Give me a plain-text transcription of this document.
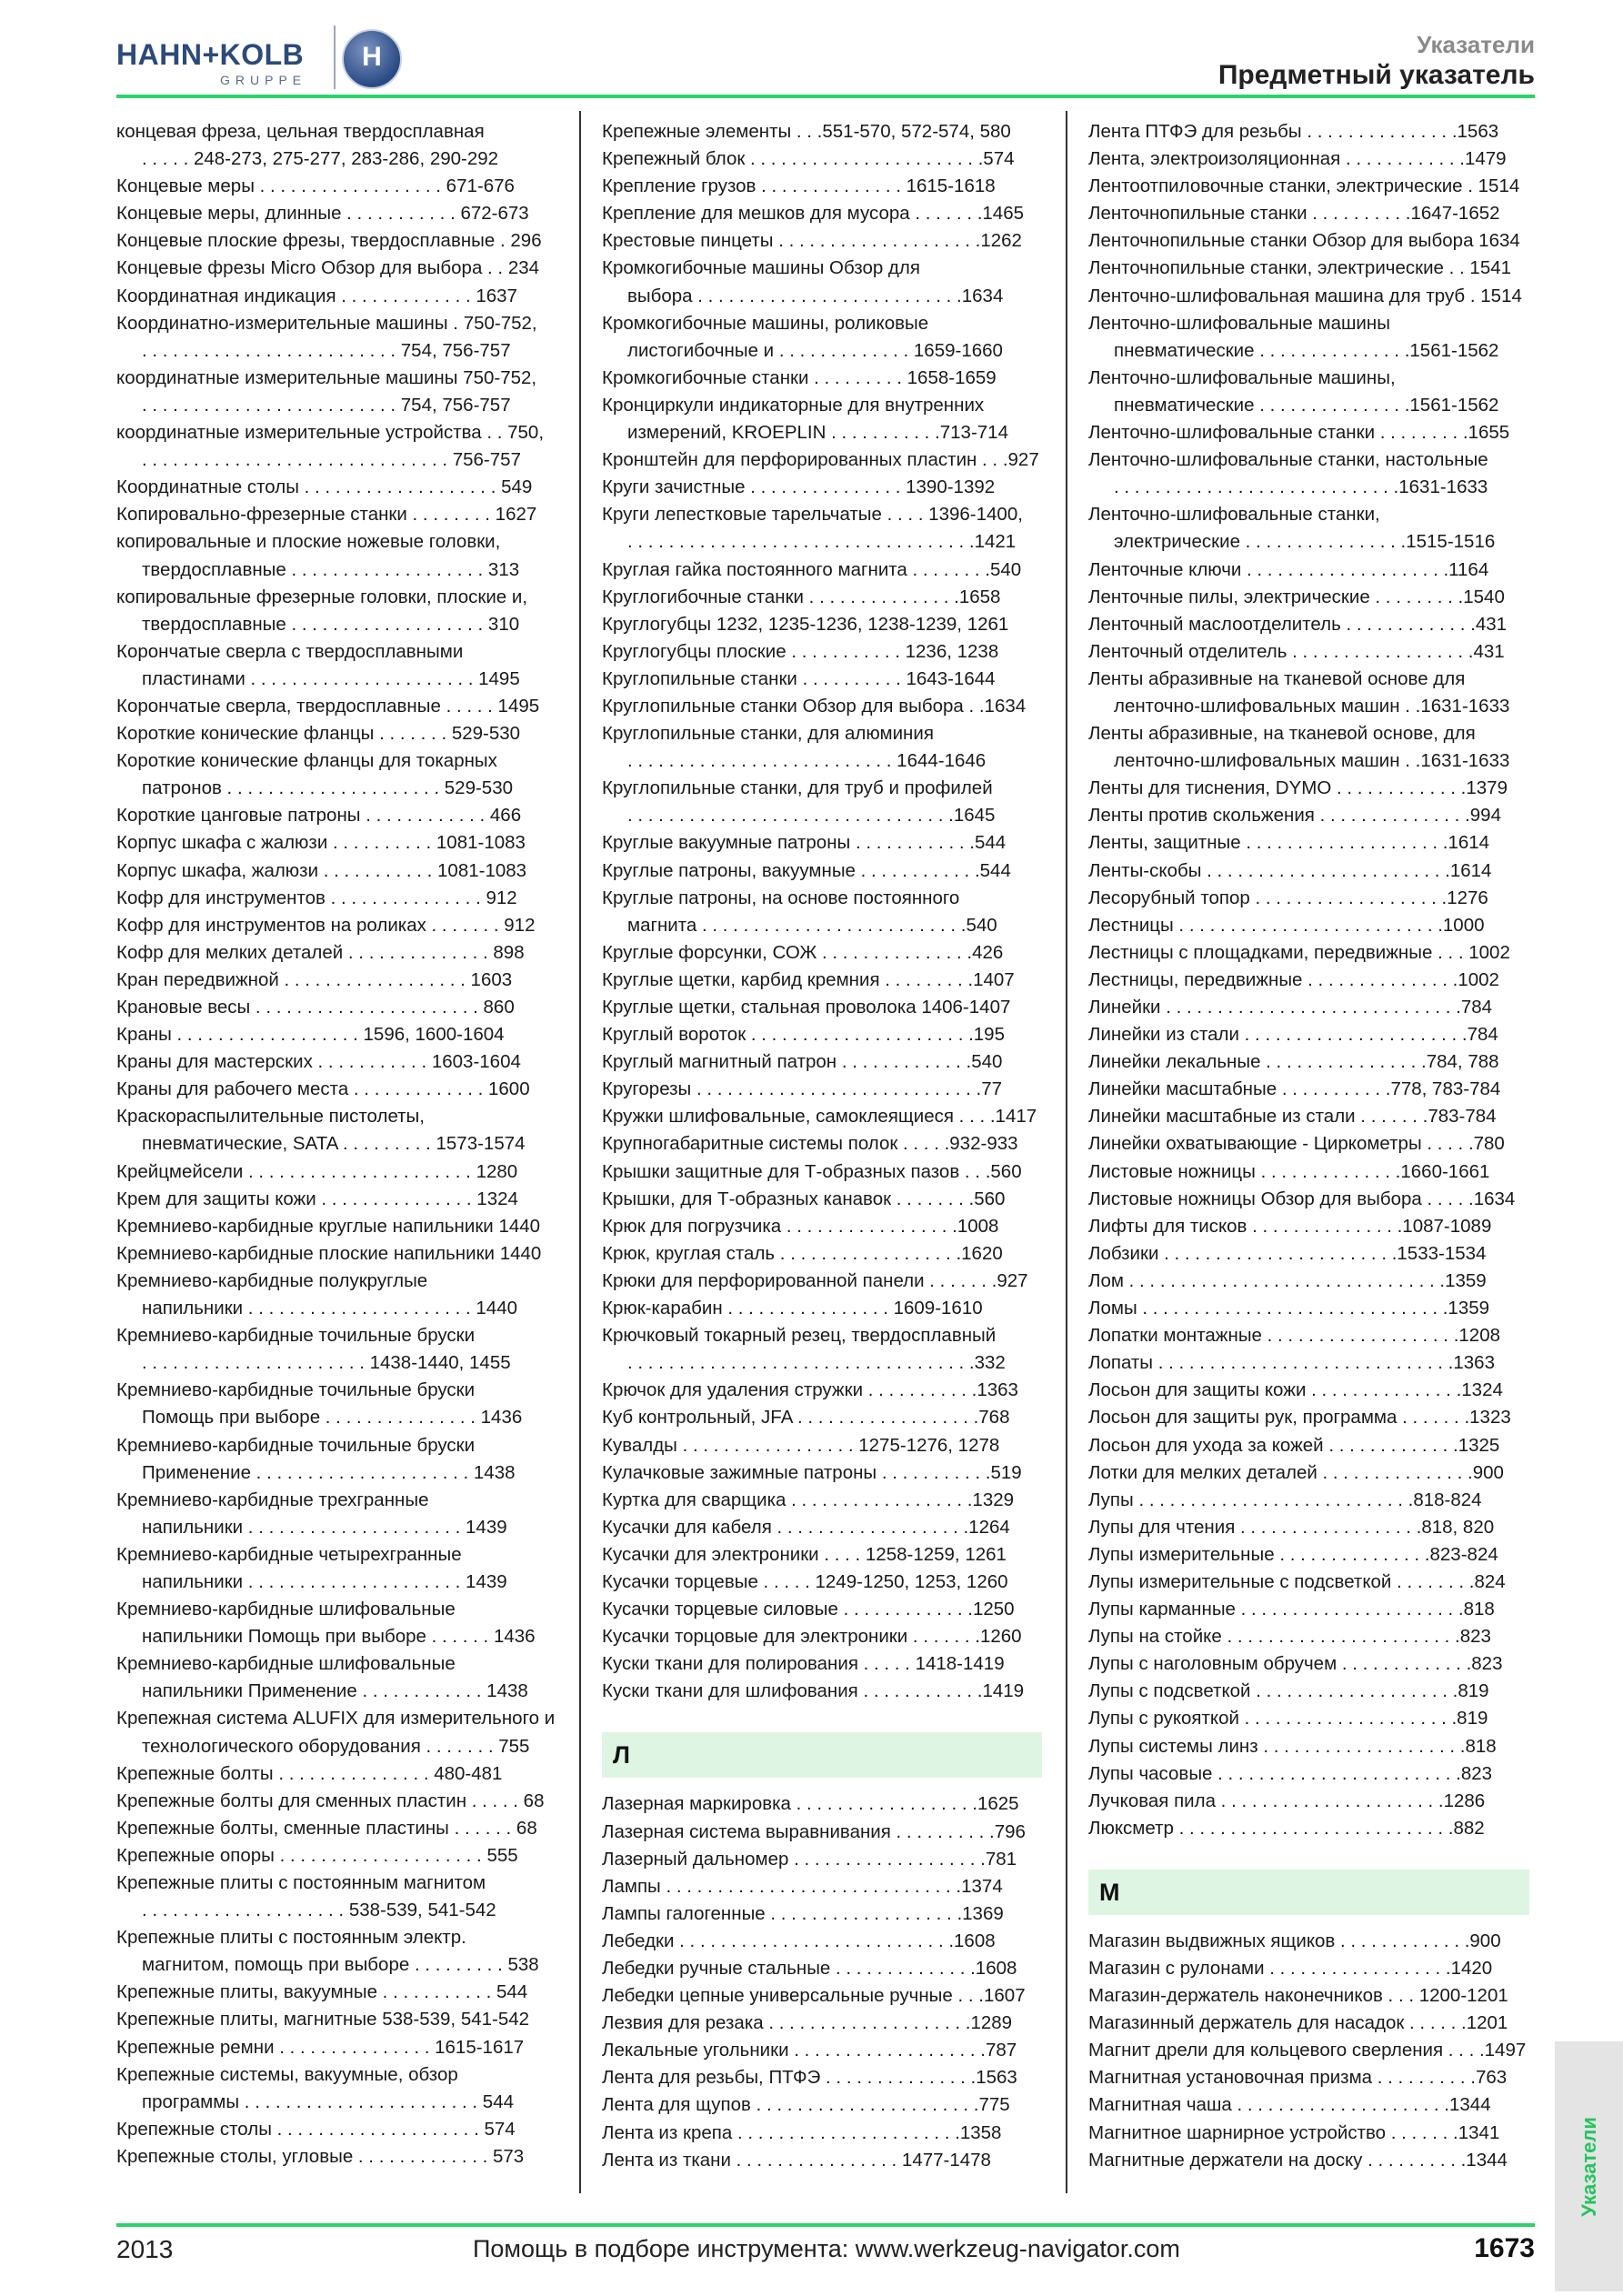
HAHN+KOLB
GRUPPE
H	Указатели
Предметный указатель
концевая фреза, цельная твердосплавная
. . . . . 248-273, 275-277, 283-286, 290-292
Концевые меры . . . . . . . . . . . . . . . . . . 671-676
Концевые меры, длинные . . . . . . . . . . . 672-673
Концевые плоские фрезы, твердосплавные . 296
Концевые фрезы Micro Обзор для выбора . . 234
Координатная индикация . . . . . . . . . . . . . 1637
Координатно-измерительные машины . 750-752,
. . . . . . . . . . . . . . . . . . . . . . . . . 754, 756-757
координатные измерительные машины 750-752,
. . . . . . . . . . . . . . . . . . . . . . . . . 754, 756-757
координатные измерительные устройства . . 750,
. . . . . . . . . . . . . . . . . . . . . . . . . . . . . . 756-757
Координатные столы . . . . . . . . . . . . . . . . . . . 549
Копировально-фрезерные станки . . . . . . . . 1627
копировальные и плоские ножевые головки,
твердосплавные . . . . . . . . . . . . . . . . . . . 313
копировальные фрезерные головки, плоские и,
твердосплавные . . . . . . . . . . . . . . . . . . . 310
Корончатые сверла с твердосплавными
пластинами . . . . . . . . . . . . . . . . . . . . . . 1495
Корончатые сверла, твердосплавные . . . . . 1495
Короткие конические фланцы . . . . . . . 529-530
Короткие конические фланцы для токарных
патронов . . . . . . . . . . . . . . . . . . . . . 529-530
Короткие цанговые патроны . . . . . . . . . . . . 466
Корпус шкафа с жалюзи . . . . . . . . . . 1081-1083
Корпус шкафа, жалюзи . . . . . . . . . . . 1081-1083
Кофр для инструментов . . . . . . . . . . . . . . . 912
Кофр для инструментов на роликах . . . . . . . 912
Кофр для мелких деталей . . . . . . . . . . . . . . 898
Кран передвижной . . . . . . . . . . . . . . . . . . 1603
Крановые весы . . . . . . . . . . . . . . . . . . . . . . 860
Краны . . . . . . . . . . . . . . . . . . 1596, 1600-1604
Краны для мастерских . . . . . . . . . . . 1603-1604
Краны для рабочего места . . . . . . . . . . . . . 1600
Краскораспылительные пистолеты,
пневматические, SATA . . . . . . . . . 1573-1574
Крейцмейсели . . . . . . . . . . . . . . . . . . . . . . 1280
Крем для защиты кожи . . . . . . . . . . . . . . . 1324
Кремниево-карбидные круглые напильники 1440
Кремниево-карбидные плоские напильники 1440
Кремниево-карбидные полукруглые
напильники . . . . . . . . . . . . . . . . . . . . . . 1440
Кремниево-карбидные точильные бруски
. . . . . . . . . . . . . . . . . . . . . . 1438-1440, 1455
Кремниево-карбидные точильные бруски
Помощь при выборе . . . . . . . . . . . . . . . 1436
Кремниево-карбидные точильные бруски
Применение . . . . . . . . . . . . . . . . . . . . . 1438
Кремниево-карбидные трехгранные
напильники . . . . . . . . . . . . . . . . . . . . . 1439
Кремниево-карбидные четырехгранные
напильники . . . . . . . . . . . . . . . . . . . . . 1439
Кремниево-карбидные шлифовальные
напильники Помощь при выборе . . . . . . 1436
Кремниево-карбидные шлифовальные
напильники Применение . . . . . . . . . . . . 1438
Крепежная система ALUFIX для измерительного и
технологического оборудования . . . . . . . 755
Крепежные болты . . . . . . . . . . . . . . . 480-481
Крепежные болты для сменных пластин . . . . . 68
Крепежные болты, сменные пластины . . . . . . 68
Крепежные опоры . . . . . . . . . . . . . . . . . . . . 555
Крепежные плиты с постоянным магнитом
. . . . . . . . . . . . . . . . . . . . 538-539, 541-542
Крепежные плиты с постоянным электр.
магнитом, помощь при выборе . . . . . . . . . 538
Крепежные плиты, вакуумные . . . . . . . . . . . 544
Крепежные плиты, магнитные 538-539, 541-542
Крепежные ремни . . . . . . . . . . . . . . . 1615-1617
Крепежные системы, вакуумные, обзор
программы . . . . . . . . . . . . . . . . . . . . . . . 544
Крепежные столы . . . . . . . . . . . . . . . . . . . . 574
Крепежные столы, угловые . . . . . . . . . . . . . 573
Крепежные элементы . . .551-570, 572-574, 580
Крепежный блок . . . . . . . . . . . . . . . . . . . . . . .574
Крепление грузов . . . . . . . . . . . . . . 1615-1618
Крепление для мешков для мусора . . . . . . .1465
Крестовые пинцеты . . . . . . . . . . . . . . . . . . . .1262
Кромкогибочные машины Обзор для
выбора . . . . . . . . . . . . . . . . . . . . . . . . . .1634
Кромкогибочные машины, роликовые
листогибочные и . . . . . . . . . . . . . 1659-1660
Кромкогибочные станки . . . . . . . . . 1658-1659
Кронциркули индикаторные для внутренних
измерений, KROEPLIN . . . . . . . . . . .713-714
Кронштейн для перфорированных пластин . . .927
Круги зачистные . . . . . . . . . . . . . . . 1390-1392
Круги лепестковые тарельчатые . . . . 1396-1400,
. . . . . . . . . . . . . . . . . . . . . . . . . . . . . . . . . .1421
Круглая гайка постоянного магнита . . . . . . . .540
Круглогибочные станки . . . . . . . . . . . . . . .1658
Круглогубцы 1232, 1235-1236, 1238-1239, 1261
Круглогубцы плоские . . . . . . . . . . . 1236, 1238
Круглопильные станки . . . . . . . . . . 1643-1644
Круглопильные станки Обзор для выбора . .1634
Круглопильные станки, для алюминия
. . . . . . . . . . . . . . . . . . . . . . . . . . 1644-1646
Круглопильные станки, для труб и профилей
. . . . . . . . . . . . . . . . . . . . . . . . . . . . . . . .1645
Круглые вакуумные патроны . . . . . . . . . . . .544
Круглые патроны, вакуумные . . . . . . . . . . . .544
Круглые патроны, на основе постоянного
магнита . . . . . . . . . . . . . . . . . . . . . . . . . .540
Круглые форсунки, СОЖ . . . . . . . . . . . . . . .426
Круглые щетки, карбид кремния . . . . . . . . .1407
Круглые щетки, стальная проволока 1406-1407
Круглый вороток . . . . . . . . . . . . . . . . . . . . . .195
Круглый магнитный патрон . . . . . . . . . . . . .540
Кругорезы . . . . . . . . . . . . . . . . . . . . . . . . . . . .77
Кружки шлифовальные, самоклеящиеся . . . .1417
Крупногабаритные системы полок . . . . .932-933
Крышки защитные для Т-образных пазов . . .560
Крышки, для Т-образных канавок . . . . . . . .560
Крюк для погрузчика . . . . . . . . . . . . . . . . .1008
Крюк, круглая сталь . . . . . . . . . . . . . . . . . .1620
Крюки для перфорированной панели . . . . . . .927
Крюк-карабин . . . . . . . . . . . . . . . . 1609-1610
Крючковый токарный резец, твердосплавный
. . . . . . . . . . . . . . . . . . . . . . . . . . . . . . . . . .332
Крючок для удаления стружки . . . . . . . . . . .1363
Куб контрольный, JFA . . . . . . . . . . . . . . . . . .768
Кувалды . . . . . . . . . . . . . . . . . 1275-1276, 1278
Кулачковые зажимные патроны . . . . . . . . . . .519
Куртка для сварщика . . . . . . . . . . . . . . . . . .1329
Кусачки для кабеля . . . . . . . . . . . . . . . . . . .1264
Кусачки для электроники . . . . 1258-1259, 1261
Кусачки торцевые . . . . . 1249-1250, 1253, 1260
Кусачки торцевые силовые . . . . . . . . . . . . .1250
Кусачки торцовые для электроники . . . . . . .1260
Куски ткани для полирования . . . . . 1418-1419
Куски ткани для шлифования . . . . . . . . . . . .1419
Л
Лазерная маркировка . . . . . . . . . . . . . . . . . .1625
Лазерная система выравнивания . . . . . . . . . .796
Лазерный дальномер . . . . . . . . . . . . . . . . . . .781
Лампы . . . . . . . . . . . . . . . . . . . . . . . . . . . . .1374
Лампы галогенные . . . . . . . . . . . . . . . . . . .1369
Лебедки . . . . . . . . . . . . . . . . . . . . . . . . . . .1608
Лебедки ручные стальные . . . . . . . . . . . . . .1608
Лебедки цепные универсальные ручные . . .1607
Лезвия для резака . . . . . . . . . . . . . . . . . . . .1289
Лекальные угольники . . . . . . . . . . . . . . . . . . .787
Лента для резьбы, ПТФЭ . . . . . . . . . . . . . . .1563
Лента для щупов . . . . . . . . . . . . . . . . . . . . . .775
Лента из крепа . . . . . . . . . . . . . . . . . . . . . .1358
Лента из ткани . . . . . . . . . . . . . . . . 1477-1478
Лента ПТФЭ для резьбы . . . . . . . . . . . . . . .1563
Лента, электроизоляционная . . . . . . . . . . . .1479
Лентоотпиловочные станки, электрические . 1514
Ленточнопильные станки . . . . . . . . . .1647-1652
Ленточнопильные станки Обзор для выбора 1634
Ленточнопильные станки, электрические . . 1541
Ленточно-шлифовальная машина для труб . 1514
Ленточно-шлифовальные машины
пневматические . . . . . . . . . . . . . . .1561-1562
Ленточно-шлифовальные машины,
пневматические . . . . . . . . . . . . . . .1561-1562
Ленточно-шлифовальные станки . . . . . . . . .1655
Ленточно-шлифовальные станки, настольные
. . . . . . . . . . . . . . . . . . . . . . . . . . . .1631-1633
Ленточно-шлифовальные станки,
электрические . . . . . . . . . . . . . . . .1515-1516
Ленточные ключи . . . . . . . . . . . . . . . . . . . .1164
Ленточные пилы, электрические . . . . . . . . .1540
Ленточный маслоотделитель . . . . . . . . . . . . .431
Ленточный отделитель . . . . . . . . . . . . . . . . . .431
Ленты абразивные на тканевой основе для
ленточно-шлифовальных машин . .1631-1633
Ленты абразивные, на тканевой основе, для
ленточно-шлифовальных машин . .1631-1633
Ленты для тиснения, DYMO . . . . . . . . . . . . .1379
Ленты против скольжения . . . . . . . . . . . . . . .994
Ленты, защитные . . . . . . . . . . . . . . . . . . . .1614
Ленты-скобы . . . . . . . . . . . . . . . . . . . . . . . .1614
Лесорубный топор . . . . . . . . . . . . . . . . . . .1276
Лестницы . . . . . . . . . . . . . . . . . . . . . . . . . .1000
Лестницы с площадками, передвижные . . . 1002
Лестницы, передвижные . . . . . . . . . . . . . . .1002
Линейки . . . . . . . . . . . . . . . . . . . . . . . . . . . . .784
Линейки из стали . . . . . . . . . . . . . . . . . . . . . .784
Линейки лекальные . . . . . . . . . . . . . . . .784, 788
Линейки масштабные . . . . . . . . . . .778, 783-784
Линейки масштабные из стали . . . . . . .783-784
Линейки охватывающие - Циркометры . . . . .780
Листовые ножницы . . . . . . . . . . . . . .1660-1661
Листовые ножницы Обзор для выбора . . . . .1634
Лифты для тисков . . . . . . . . . . . . . . .1087-1089
Лобзики . . . . . . . . . . . . . . . . . . . . . . .1533-1534
Лом . . . . . . . . . . . . . . . . . . . . . . . . . . . . . . .1359
Ломы . . . . . . . . . . . . . . . . . . . . . . . . . . . . . .1359
Лопатки монтажные . . . . . . . . . . . . . . . . . . .1208
Лопаты . . . . . . . . . . . . . . . . . . . . . . . . . . . . .1363
Лосьон для защиты кожи . . . . . . . . . . . . . . .1324
Лосьон для защиты рук, программа . . . . . . .1323
Лосьон для ухода за кожей . . . . . . . . . . . . .1325
Лотки для мелких деталей . . . . . . . . . . . . . . .900
Лупы . . . . . . . . . . . . . . . . . . . . . . . . . . .818-824
Лупы для чтения . . . . . . . . . . . . . . . . . .818, 820
Лупы измерительные . . . . . . . . . . . . . . .823-824
Лупы измерительные с подсветкой . . . . . . . .824
Лупы карманные . . . . . . . . . . . . . . . . . . . . . .818
Лупы на стойке . . . . . . . . . . . . . . . . . . . . . . .823
Лупы с наголовным обручем . . . . . . . . . . . . .823
Лупы с подсветкой . . . . . . . . . . . . . . . . . . . .819
Лупы с рукояткой . . . . . . . . . . . . . . . . . . . . .819
Лупы системы линз . . . . . . . . . . . . . . . . . . . .818
Лупы часовые . . . . . . . . . . . . . . . . . . . . . . . .823
Лучковая пила . . . . . . . . . . . . . . . . . . . . . .1286
Люксметр . . . . . . . . . . . . . . . . . . . . . . . . . . .882
М
Магазин выдвижных ящиков . . . . . . . . . . . . .900
Магазин с рулонами . . . . . . . . . . . . . . . . . .1420
Магазин-держатель наконечников . . . 1200-1201
Магазинный держатель для насадок . . . . . .1201
Магнит дрели для кольцевого сверления . . . .1497
Магнитная установочная призма . . . . . . . . . .763
Магнитная чаша . . . . . . . . . . . . . . . . . . . . .1344
Магнитное шарнирное устройство . . . . . . .1341
Магнитные держатели на доску . . . . . . . . . .1344	Указатели
2013	Помощь в подборе инструмента: www.werkzeug-navigator.com	1673
